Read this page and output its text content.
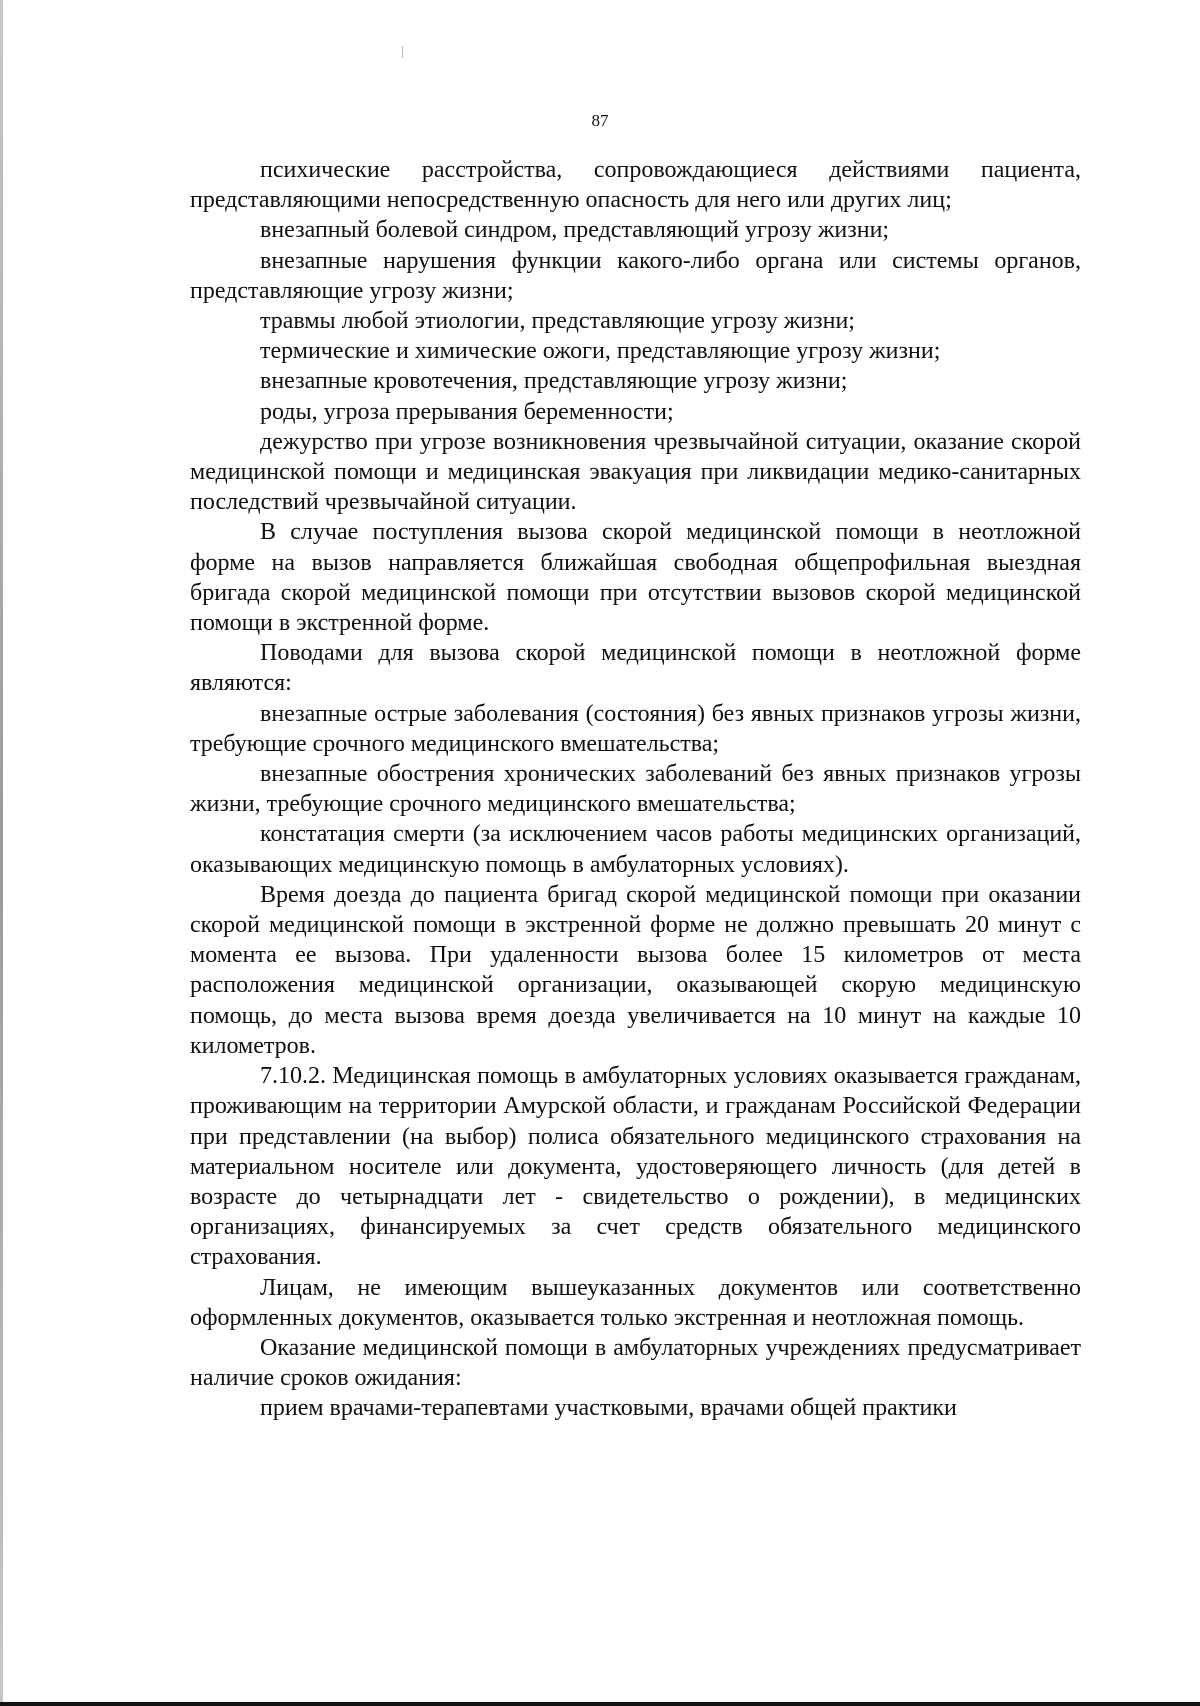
87

психические расстройства, сопровождающиеся действиями пациента, представляющими непосредственную опасность для него или других лиц;

внезапный болевой синдром, представляющий угрозу жизни;

внезапные нарушения функции какого-либо органа или системы органов, представляющие угрозу жизни;

травмы любой этиологии, представляющие угрозу жизни;

термические и химические ожоги, представляющие угрозу жизни;

внезапные кровотечения, представляющие угрозу жизни;

роды, угроза прерывания беременности;

дежурство при угрозе возникновения чрезвычайной ситуации, оказание скорой медицинской помощи и медицинская эвакуация при ликвидации медико-санитарных последствий чрезвычайной ситуации.

В случае поступления вызова скорой медицинской помощи в неотложной форме на вызов направляется ближайшая свободная общепрофильная выездная бригада скорой медицинской помощи при отсутствии вызовов скорой медицинской помощи в экстренной форме.

Поводами для вызова скорой медицинской помощи в неотложной форме являются:

внезапные острые заболевания (состояния) без явных признаков угрозы жизни, требующие срочного медицинского вмешательства;

внезапные обострения хронических заболеваний без явных признаков угрозы жизни, требующие срочного медицинского вмешательства;

констатация смерти (за исключением часов работы медицинских организаций, оказывающих медицинскую помощь в амбулаторных условиях).

Время доезда до пациента бригад скорой медицинской помощи при оказании скорой медицинской помощи в экстренной форме не должно превышать 20 минут с момента ее вызова. При удаленности вызова более 15 километров от места расположения медицинской организации, оказывающей скорую медицинскую помощь, до места вызова время доезда увеличивается на 10 минут на каждые 10 километров.

7.10.2. Медицинская помощь в амбулаторных условиях оказывается гражданам, проживающим на территории Амурской области, и гражданам Российской Федерации при представлении (на выбор) полиса обязательного медицинского страхования на материальном носителе или документа, удостоверяющего личность (для детей в возрасте до четырнадцати лет - свидетельство о рождении), в медицинских организациях, финансируемых за счет средств обязательного медицинского страхования.

Лицам, не имеющим вышеуказанных документов или соответственно оформленных документов, оказывается только экстренная и неотложная помощь.

Оказание медицинской помощи в амбулаторных учреждениях предусматривает наличие сроков ожидания:

прием врачами-терапевтами участковыми, врачами общей практики
